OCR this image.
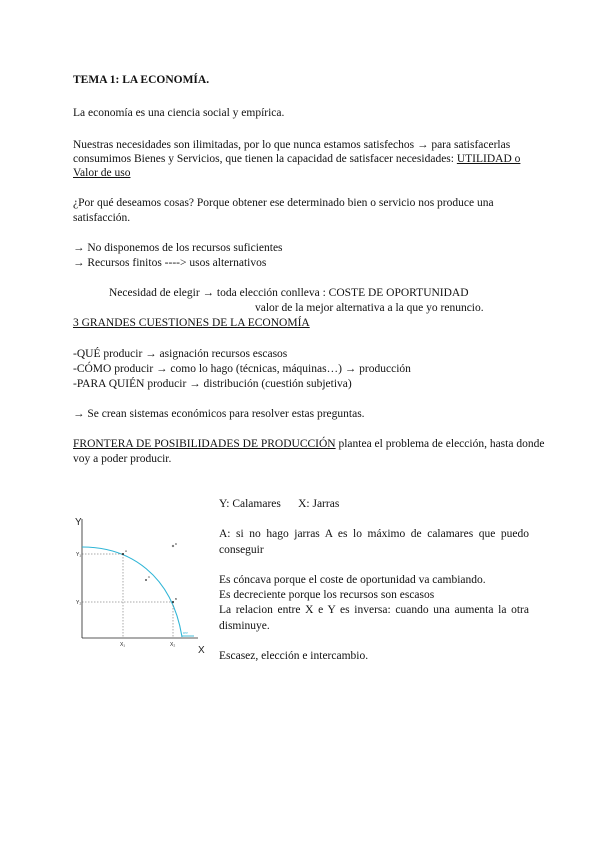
TEMA 1: LA ECONOMÍA.
La economía es una ciencia social y empírica.
Nuestras necesidades son ilimitadas, por lo que nunca estamos satisfechos → para satisfacerlas
consumimos Bienes y Servicios, que tienen la capacidad de satisfacer necesidades: UTILIDAD o
Valor de uso
¿Por qué deseamos cosas? Porque obtener ese determinado bien o servicio nos produce una
satisfacción.
→ No disponemos de los recursos suficientes
→ Recursos finitos ----> usos alternativos
Necesidad de elegir → toda elección conlleva : COSTE DE OPORTUNIDAD
valor de la mejor alternativa a la que yo renuncio.
3 GRANDES CUESTIONES DE LA ECONOMÍA
-QUÉ producir → asignación recursos escasos
-CÓMO producir → como lo hago (técnicas, máquinas…) → producción
-PARA QUIÉN producir → distribución (cuestión subjetiva)
→ Se crean sistemas económicos para resolver estas preguntas.
FRONTERA DE POSIBILIDADES DE PRODUCCIÓN plantea el problema de elección, hasta donde
voy a poder producir.
Y
X
FPP
A
B
C
D
Y₁
Y₂
X₁	X₂
Y: Calamares      X: Jarras
A: si no hago jarras A es lo máximo de calamares que puedo conseguir
Es cóncava porque el coste de oportunidad va cambiando.
Es decreciente porque los recursos son escasos
La relacion entre X e Y es inversa: cuando una aumenta la otra disminuye.
Escasez, elección e intercambio.
